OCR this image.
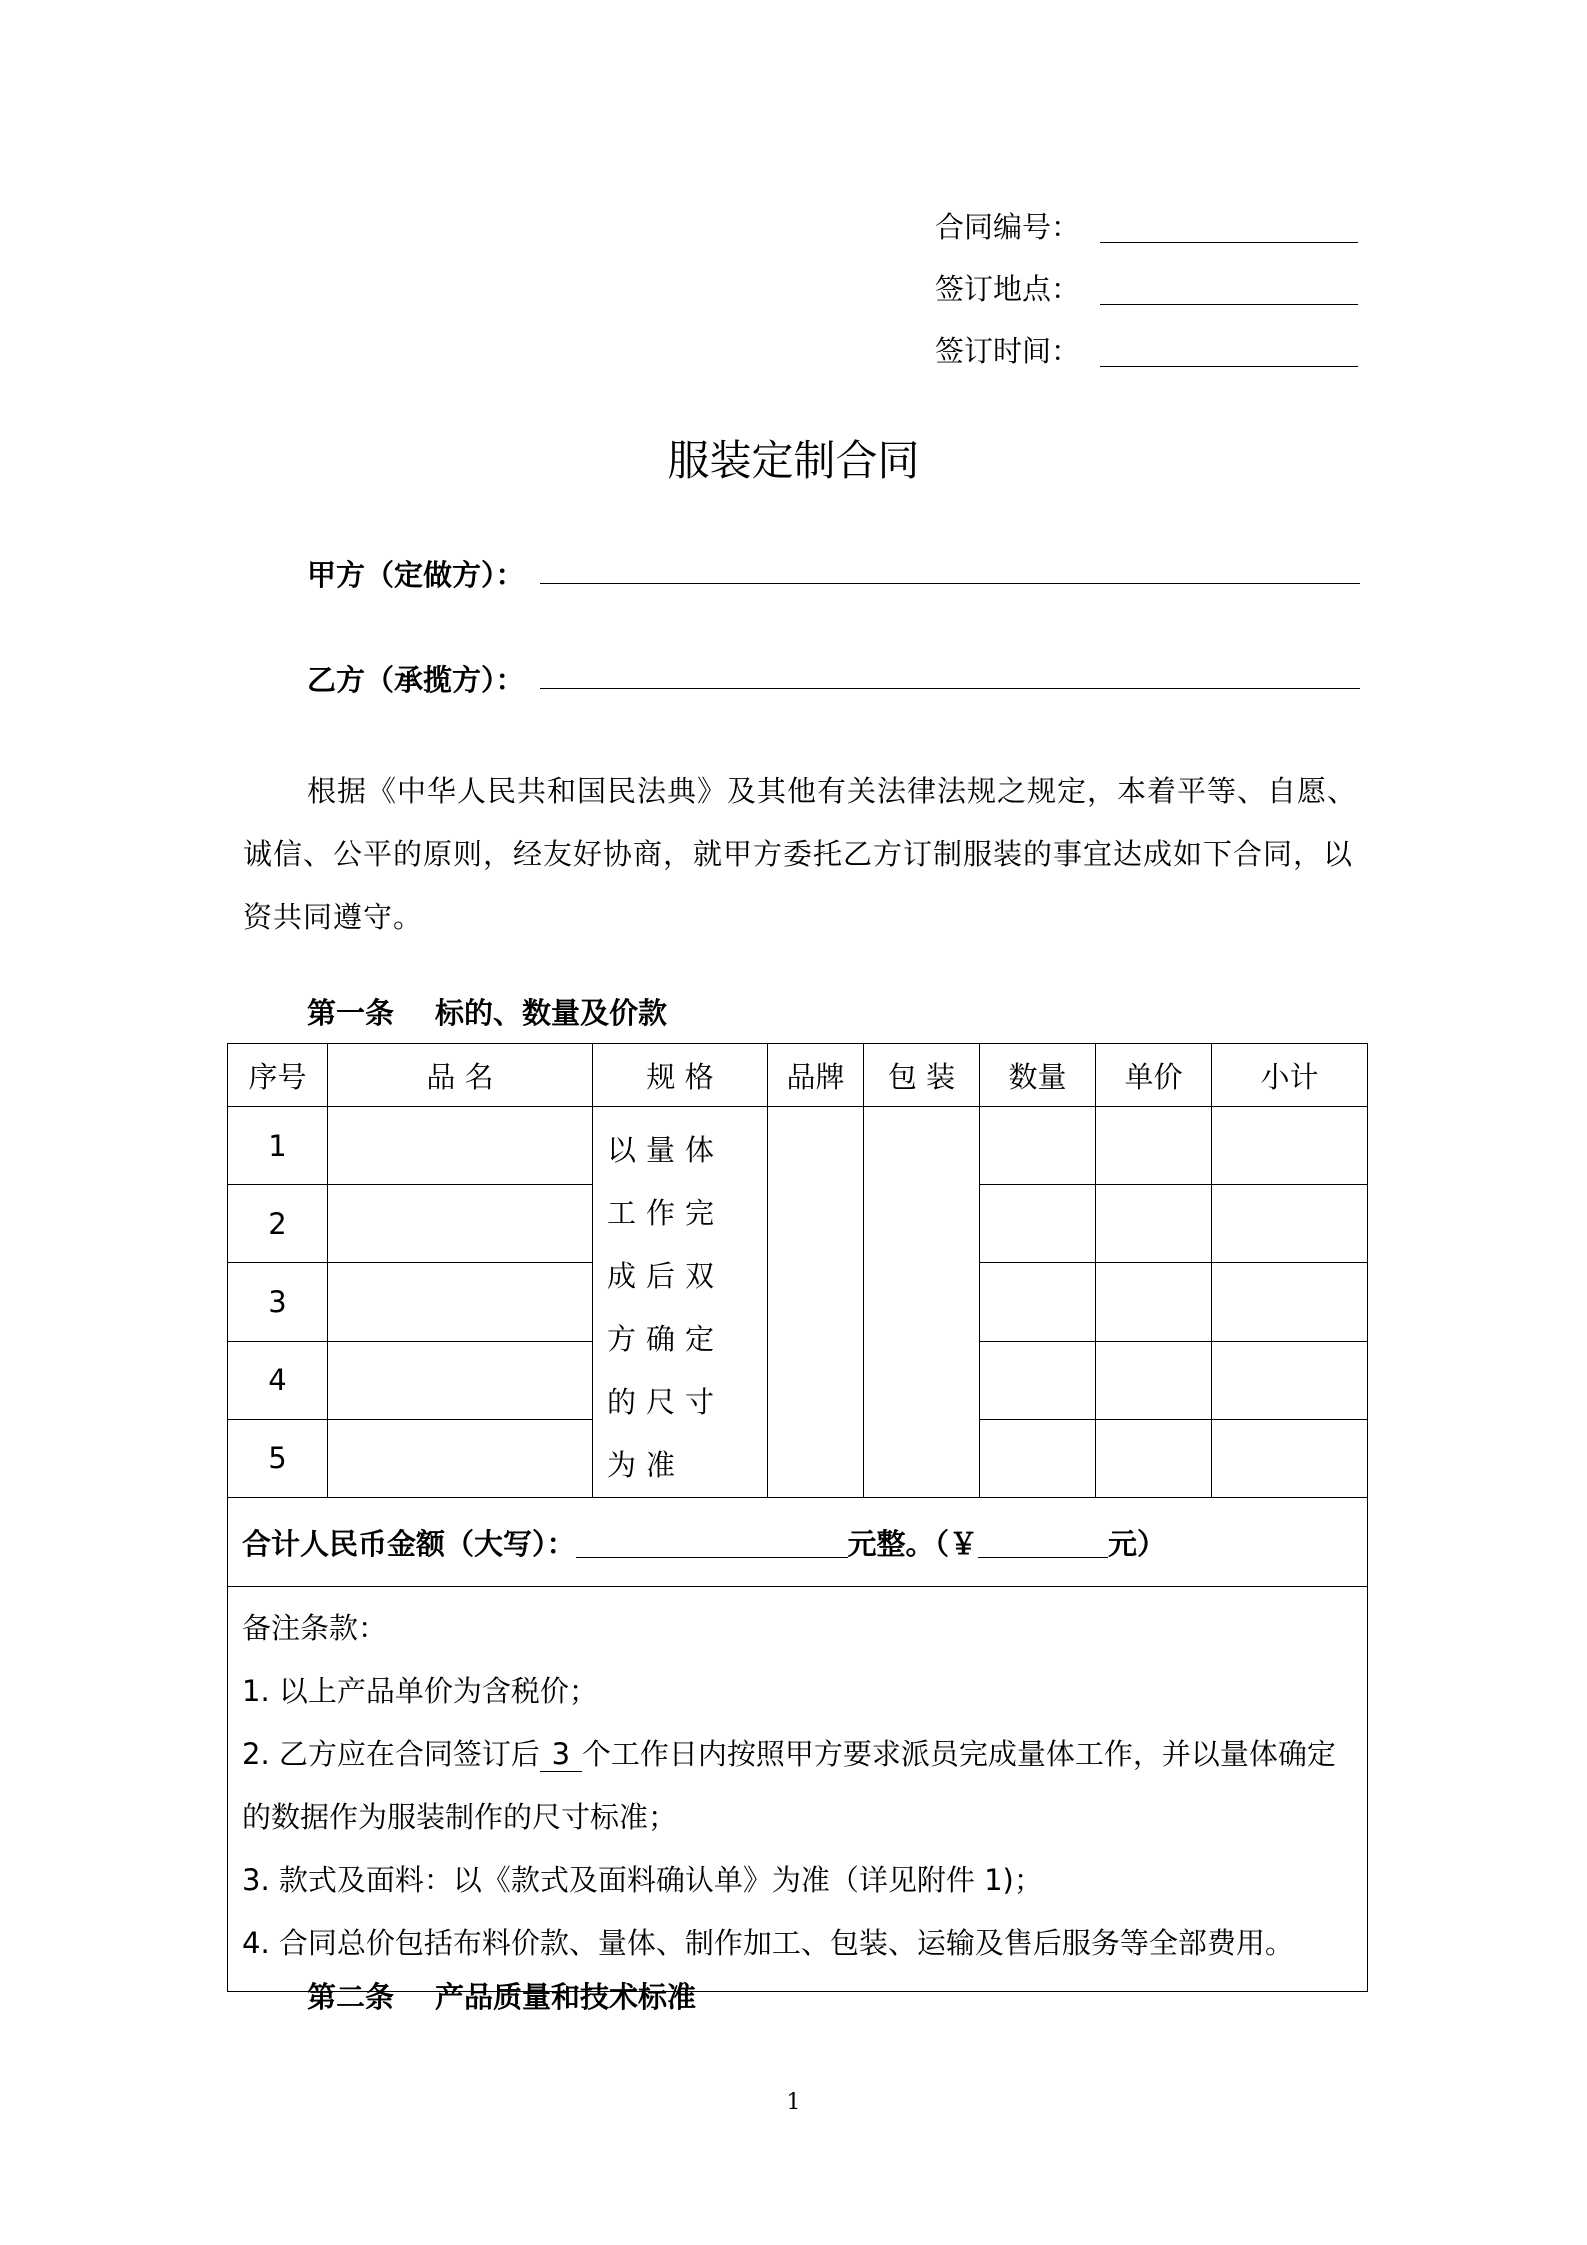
合同编号：
签订地点：
签订时间：
服装定制合同
甲方（定做方）：
乙方（承揽方）：
根据《中华人民共和国民法典》及其他有关法律法规之规定，本着平等、自愿、诚信、公平的原则，经友好协商，就甲方委托乙方订制服装的事宜达成如下合同，以资共同遵守。
第一条 标的、数量及价款
序号	品 名	规 格	品牌	包 装	数量	单价	小计
1		以量体工作完成后双方确定的尺寸为准					
2							
3							
4							
5							
合计人民币金额（大写）： 元整。（￥ 元）							

备注条款：
1. 以上产品单价为含税价；
2. 乙方应在合同签订后 3 个工作日内按照甲方要求派员完成量体工作，并以量体确定的数据作为服装制作的尺寸标准；
3. 款式及面料：以《款式及面料确认单》为准（详见附件 1)；
4. 合同总价包括布料价款、量体、制作加工、包装、运输及售后服务等全部费用。							
第二条 产品质量和技术标准
1
